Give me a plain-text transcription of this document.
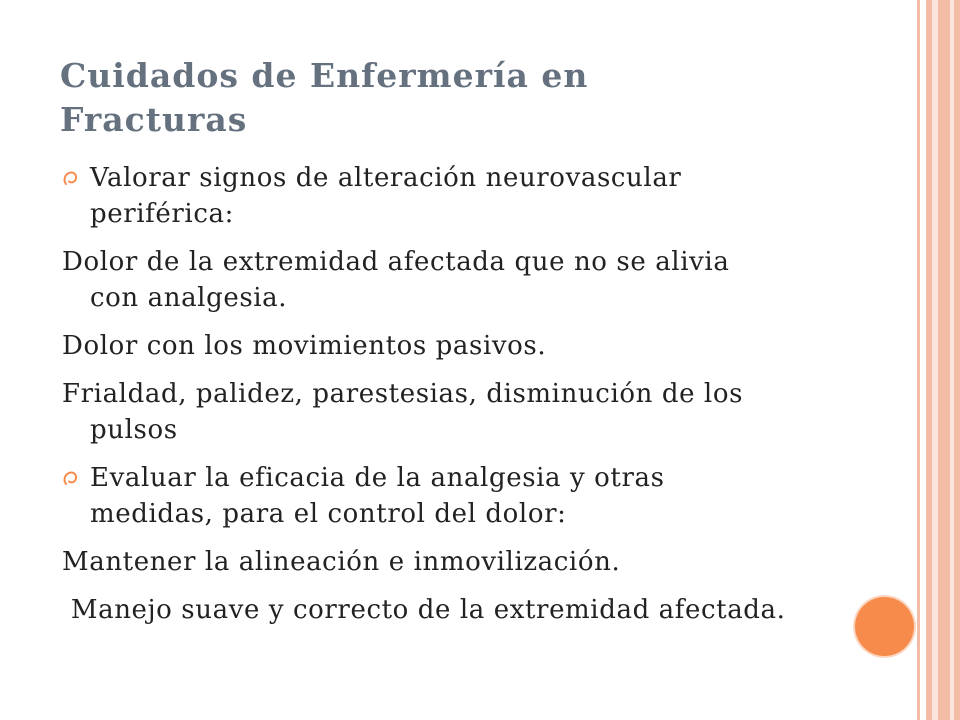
Cuidados de Enfermería en
Fracturas
Valorar signos de alteración neurovascular
periférica:
Dolor de la extremidad afectada que no se alivia
con analgesia.
Dolor con los movimientos pasivos.
Frialdad, palidez, parestesias, disminución de los
pulsos
Evaluar la eficacia de la analgesia y otras
medidas, para el control del dolor:
Mantener la alineación e inmovilización.
Manejo suave y correcto de la extremidad afectada.
